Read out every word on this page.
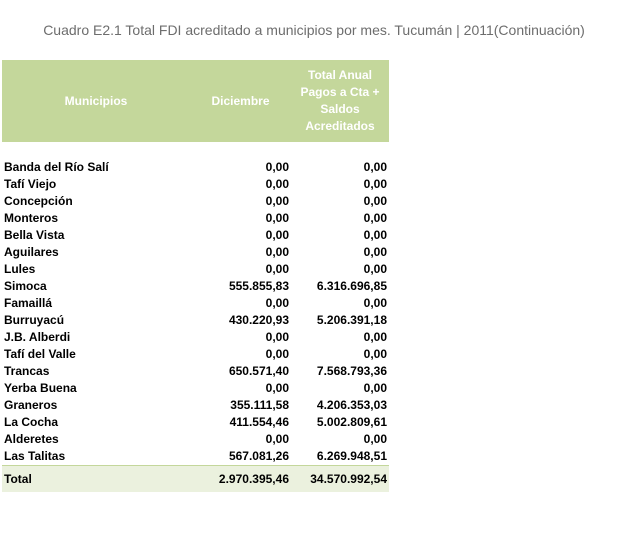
Cuadro E2.1 Total FDI acreditado a municipios por mes. Tucumán | 2011(Continuación)
Municipios	Diciembre	Total Anual Pagos a Cta + Saldos Acreditados

Banda del Río Salí	0,00	0,00
Tafí Viejo	0,00	0,00
Concepción	0,00	0,00
Monteros	0,00	0,00
Bella Vista	0,00	0,00
Aguilares	0,00	0,00
Lules	0,00	0,00
Simoca	555.855,83	6.316.696,85
Famaillá	0,00	0,00
Burruyacú	430.220,93	5.206.391,18
J.B. Alberdi	0,00	0,00
Tafí del Valle	0,00	0,00
Trancas	650.571,40	7.568.793,36
Yerba Buena	0,00	0,00
Graneros	355.111,58	4.206.353,03
La Cocha	411.554,46	5.002.809,61
Alderetes	0,00	0,00
Las Talitas	567.081,26	6.269.948,51
Total	2.970.395,46	34.570.992,54
